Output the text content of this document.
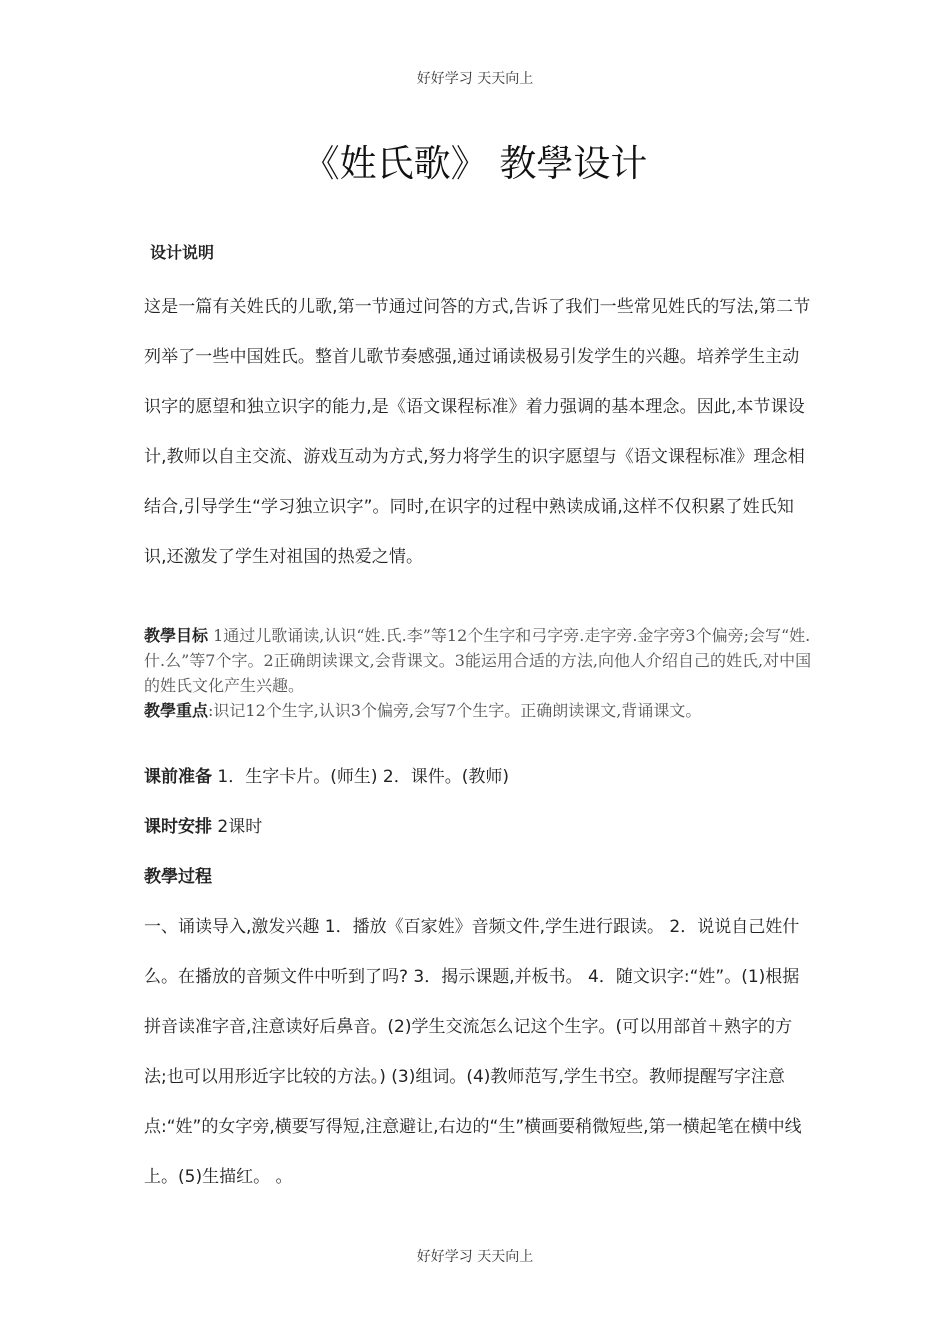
好好学习 天天向上
《姓氏歌》 教學设计
设计说明

这是一篇有关姓氏的儿歌,第一节通过问答的方式,告诉了我们一些常见姓氏的写法,第二节列举了一些中国姓氏。整首儿歌节奏感强,通过诵读极易引发学生的兴趣。培养学生主动识字的愿望和独立识字的能力,是《语文课程标准》着力强调的基本理念。因此,本节课设计,教师以自主交流、游戏互动为方式,努力将学生的识字愿望与《语文课程标准》理念相结合,引导学生“学习独立识字”。同时,在识字的过程中熟读成诵,这样不仅积累了姓氏知识,还激发了学生对祖国的热爱之情。

教學目标 1通过儿歌诵读,认识“姓.氏.李”等12个生字和弓字旁.走字旁.金字旁3个偏旁;会写“姓.什.么”等7个字。2正确朗读课文,会背课文。3能运用合适的方法,向他人介绍自己的姓氏,对中国的姓氏文化产生兴趣。
教學重点:识记12个生字,认识3个偏旁,会写7个生字。正确朗读课文,背诵课文。

课前准备 1．生字卡片。(师生) 2．课件。(教师)

课时安排 2课时

教學过程

一、诵读导入,激发兴趣 1．播放《百家姓》音频文件,学生进行跟读。 2．说说自己姓什么。在播放的音频文件中听到了吗? 3．揭示课题,并板书。 4．随文识字:“姓”。(1)根据拼音读准字音,注意读好后鼻音。(2)学生交流怎么记这个生字。(可以用部首＋熟字的方法;也可以用形近字比较的方法。) (3)组词。(4)教师范写,学生书空。教师提醒写字注意点:“姓”的女字旁,横要写得短,注意避让,右边的“生”横画要稍微短些,第一横起笔在横中线上。(5)生描红。 。

好好学习 天天向上
